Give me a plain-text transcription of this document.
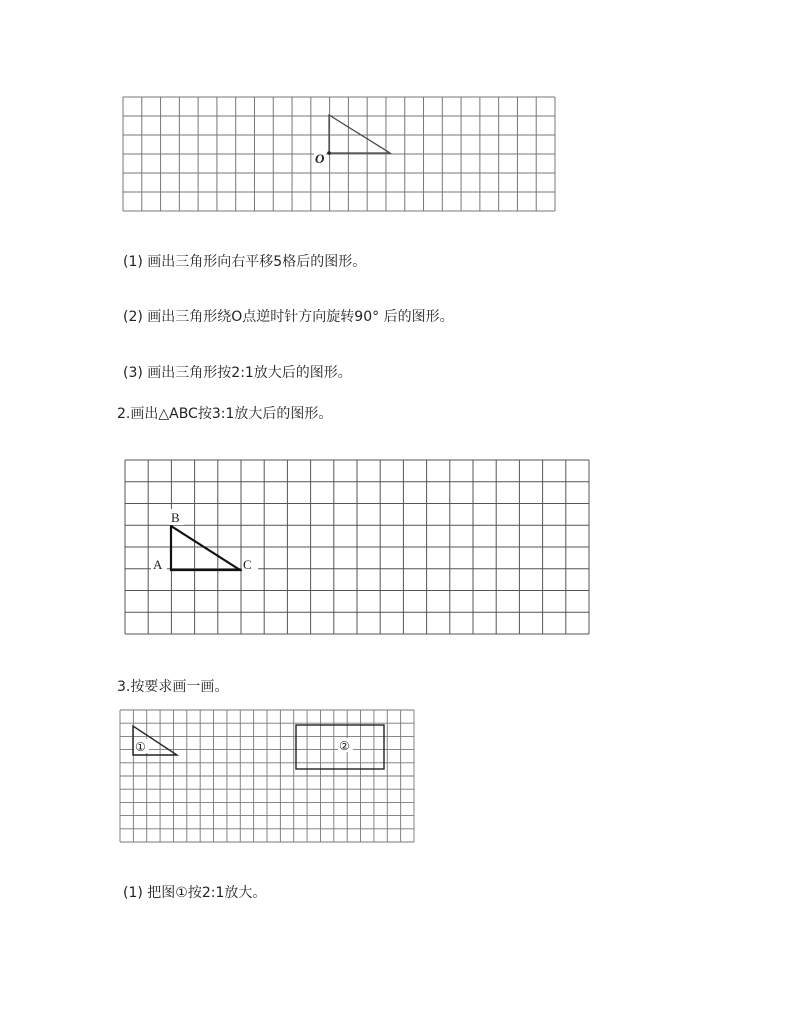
O
(1) 画出三角形向右平移5格后的图形。
(2) 画出三角形绕O点逆时针方向旋转90° 后的图形。
(3) 画出三角形按2:1放大后的图形。
2.画出△ABC按3:1放大后的图形。
B
A	C
3.按要求画一画。
①	②
(1) 把图①按2:1放大。
